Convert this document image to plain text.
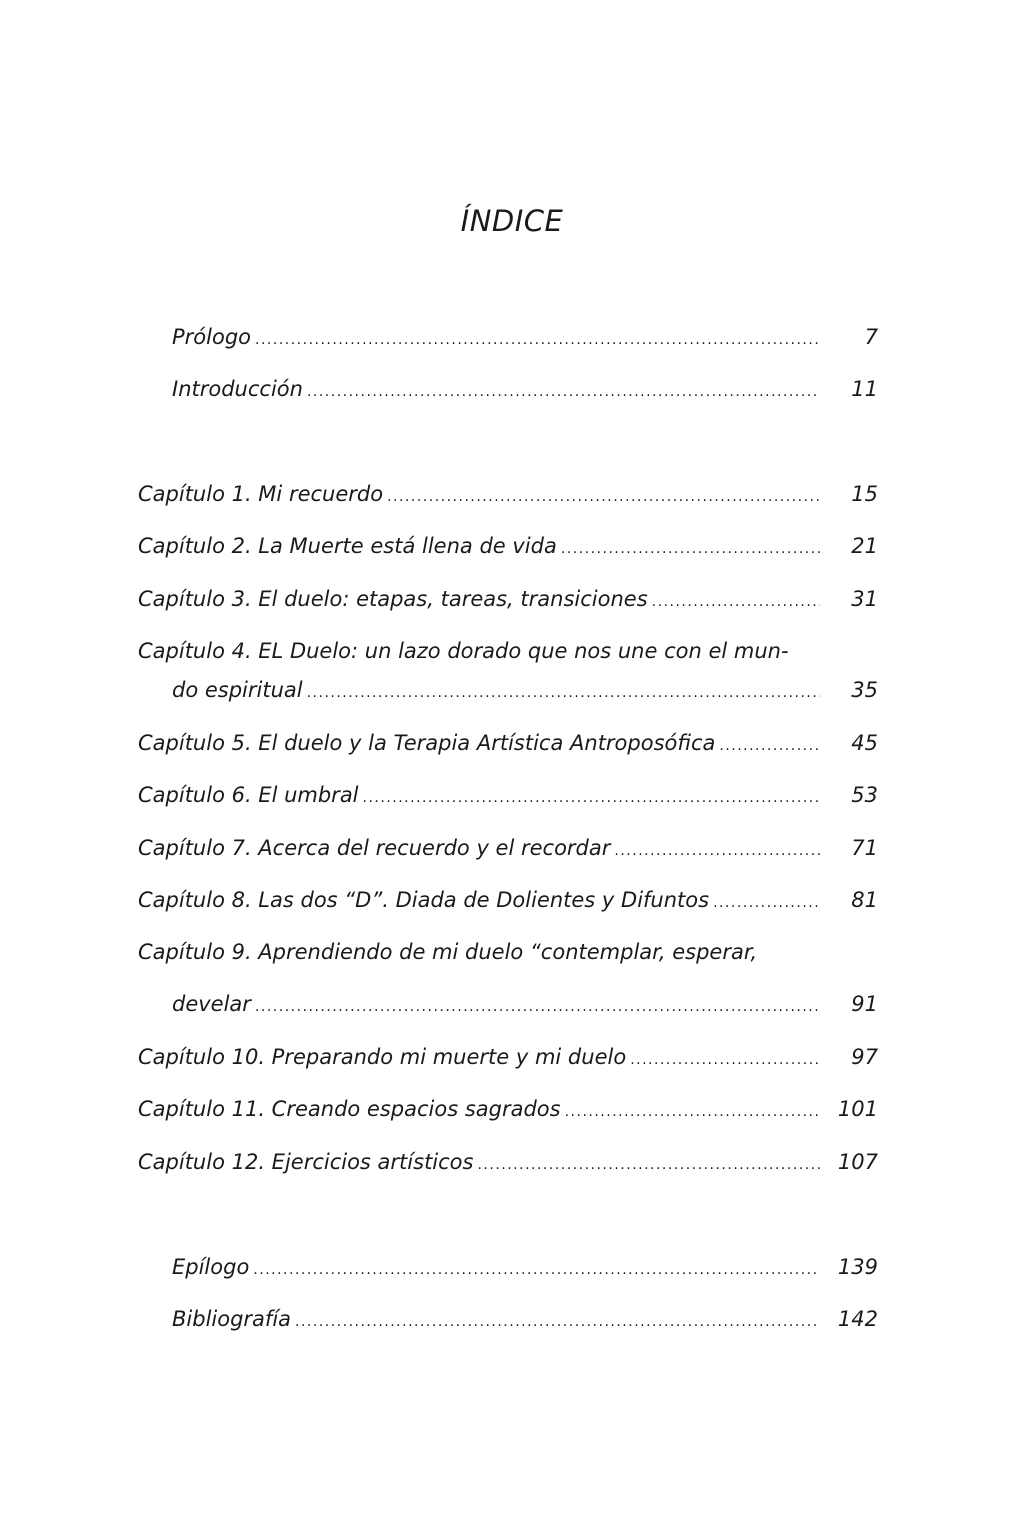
ÍNDICE
Prólogo .....	7
Introducción .....	11
Capítulo 1. Mi recuerdo .....	15
Capítulo 2. La Muerte está llena de vida .....	21
Capítulo 3. El duelo: etapas, tareas, transiciones .....	31
Capítulo 4. EL Duelo: un lazo dorado que nos une con el mun-
do espiritual .....	35
Capítulo 5. El duelo y la Terapia Artística Antroposófica .....	45
Capítulo 6. El umbral .....	53
Capítulo 7. Acerca del recuerdo y el recordar .....	71
Capítulo 8. Las dos “D”. Diada de Dolientes y Difuntos .....	81
Capítulo 9. Aprendiendo de mi duelo “contemplar, esperar,
develar .....	91
Capítulo 10. Preparando mi muerte y mi duelo .....	97
Capítulo 11. Creando espacios sagrados .....	101
Capítulo 12. Ejercicios artísticos .....	107
Epílogo .....	139
Bibliografía .....	142
